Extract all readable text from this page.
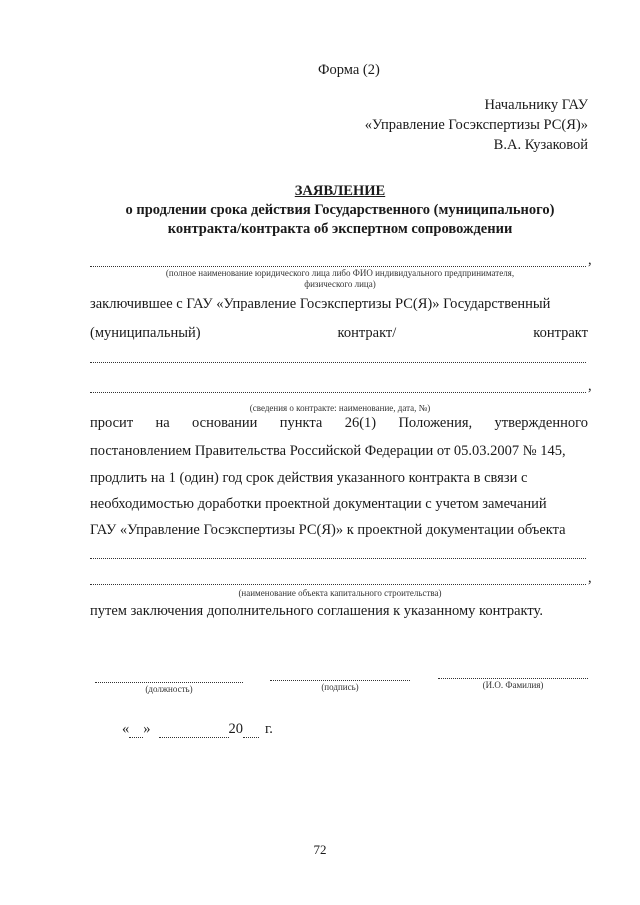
Форма (2)
Начальнику ГАУ
«Управление Госэкспертизы РС(Я)»
В.А. Кузаковой
ЗАЯВЛЕНИЕ
о продлении срока действия Государственного (муниципального)
контракта/контракта об экспертном сопровождении
,
(полное наименование юридического лица либо ФИО индивидуального предпринимателя,
физического лица)
заключившее с ГАУ «Управление Госэкспертизы РС(Я)» Государственный
(муниципальный)	контракт/	контракт
,
(сведения о контракте: наименование, дата, №)
просит на основании пункта 26(1) Положения, утвержденного
постановлением Правительства Российской Федерации от 05.03.2007 № 145,
продлить на 1 (один) год срок действия указанного контракта в связи с
необходимостью доработки проектной документации с учетом замечаний
ГАУ «Управление Госэкспертизы РС(Я)» к проектной документации объекта
,
(наименование объекта капитального строительства)
путем заключения дополнительного соглашения к указанному контракту.
(должность)	(подпись)	(И.О. Фамилия)
« »	20 г.
72
